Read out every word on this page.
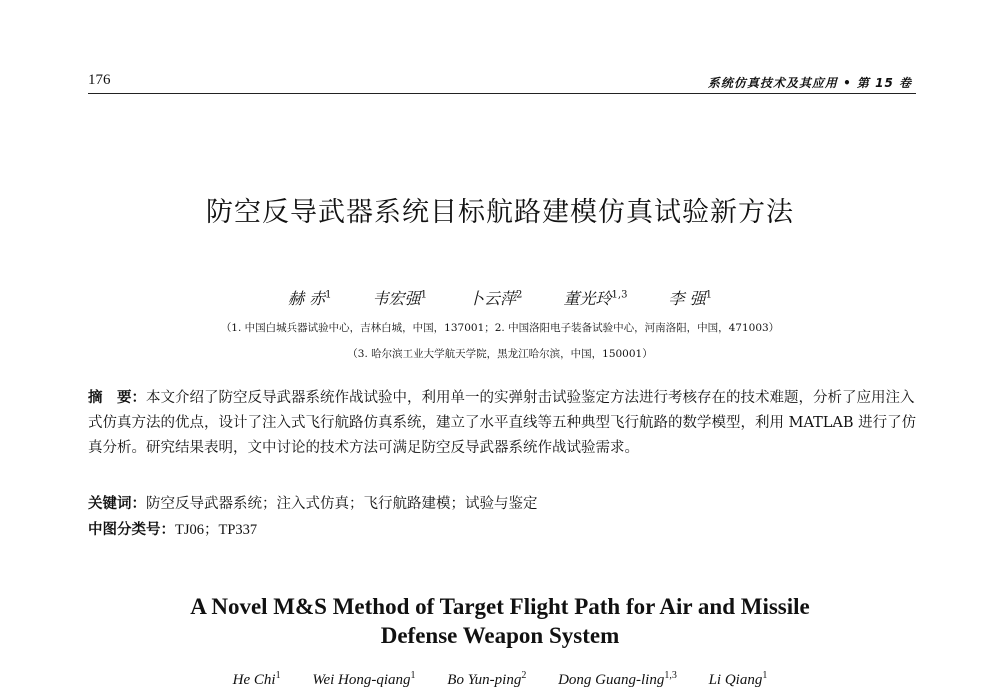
176	系统仿真技术及其应用 • 第 15 卷
防空反导武器系统目标航路建模仿真试验新方法
赫 赤$^1$	韦宏强$^1$	卜云萍$^2$	董光玲$^{1,3}$	李 强$^1$
（1. 中国白城兵器试验中心，吉林白城，中国，137001；2. 中国洛阳电子装备试验中心，河南洛阳，中国，471003）
（3. 哈尔滨工业大学航天学院，黑龙江哈尔滨，中国，150001）
摘　要：本文介绍了防空反导武器系统作战试验中，利用单一的实弹射击试验鉴定方法进行考核存在的技术难题，分析了应用注入式仿真方法的优点，设计了注入式飞行航路仿真系统，建立了水平直线等五种典型飞行航路的数学模型，利用 MATLAB 进行了仿真分析。研究结果表明，文中讨论的技术方法可满足防空反导武器系统作战试验需求。
关键词：防空反导武器系统；注入式仿真；飞行航路建模；试验与鉴定
中图分类号：TJ06；TP337
A Novel M&S Method of Target Flight Path for Air and Missile
Defense Weapon System
He Chi$^1$ Wei Hong-qiang$^1$ Bo Yun-ping$^2$ Dong Guang-ling$^{1,3}$ Li Qiang$^1$
